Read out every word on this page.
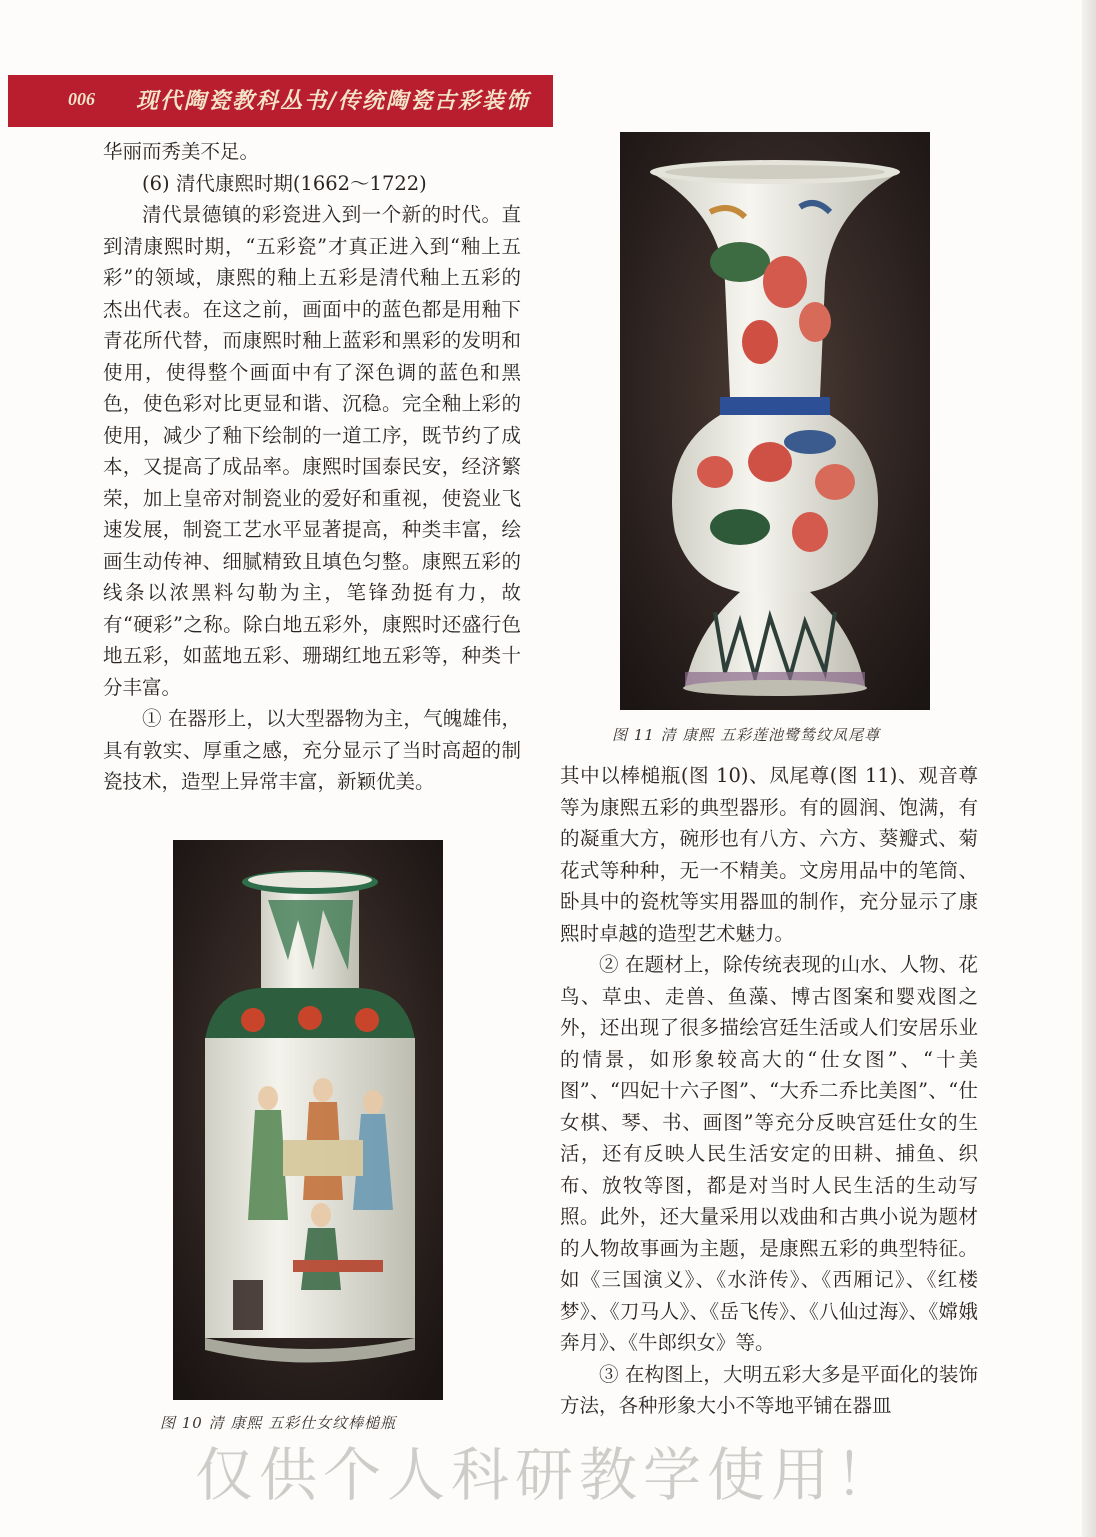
006 现代陶瓷教科丛书/传统陶瓷古彩装饰

华丽而秀美不足。

(6) 清代康熙时期(1662～1722)

清代景德镇的彩瓷进入到一个新的时代。直到清康熙时期，“五彩瓷”才真正进入到“釉上五彩”的领域，康熙的釉上五彩是清代釉上五彩的杰出代表。在这之前，画面中的蓝色都是用釉下青花所代替，而康熙时釉上蓝彩和黑彩的发明和使用，使得整个画面中有了深色调的蓝色和黑色，使色彩对比更显和谐、沉稳。完全釉上彩的使用，减少了釉下绘制的一道工序，既节约了成本，又提高了成品率。康熙时国泰民安，经济繁荣，加上皇帝对制瓷业的爱好和重视，使瓷业飞速发展，制瓷工艺水平显著提高，种类丰富，绘画生动传神、细腻精致且填色匀整。康熙五彩的线条以浓黑料勾勒为主，笔锋劲挺有力，故有“硬彩”之称。除白地五彩外，康熙时还盛行色地五彩，如蓝地五彩、珊瑚红地五彩等，种类十分丰富。

① 在器形上，以大型器物为主，气魄雄伟，具有敦实、厚重之感，充分显示了当时高超的制瓷技术，造型上异常丰富，新颖优美。

图 10 清 康熙 五彩仕女纹棒槌瓶
图 11 清 康熙 五彩莲池鹭鸶纹凤尾尊

其中以棒槌瓶(图 10)、凤尾尊(图 11)、观音尊等为康熙五彩的典型器形。有的圆润、饱满，有的凝重大方，碗形也有八方、六方、葵瓣式、菊花式等种种，无一不精美。文房用品中的笔筒、卧具中的瓷枕等实用器皿的制作，充分显示了康熙时卓越的造型艺术魅力。

② 在题材上，除传统表现的山水、人物、花鸟、草虫、走兽、鱼藻、博古图案和婴戏图之外，还出现了很多描绘宫廷生活或人们安居乐业的情景，如形象较高大的“仕女图”、“十美图”、“四妃十六子图”、“大乔二乔比美图”、“仕女棋、琴、书、画图”等充分反映宫廷仕女的生活，还有反映人民生活安定的田耕、捕鱼、织布、放牧等图，都是对当时人民生活的生动写照。此外，还大量采用以戏曲和古典小说为题材的人物故事画为主题，是康熙五彩的典型特征。如《三国演义》、《水浒传》、《西厢记》、《红楼梦》、《刀马人》、《岳飞传》、《八仙过海》、《嫦娥奔月》、《牛郎织女》等。

③ 在构图上，大明五彩大多是平面化的装饰方法，各种形象大小不等地平铺在器皿

仅供个人科研教学使用！
